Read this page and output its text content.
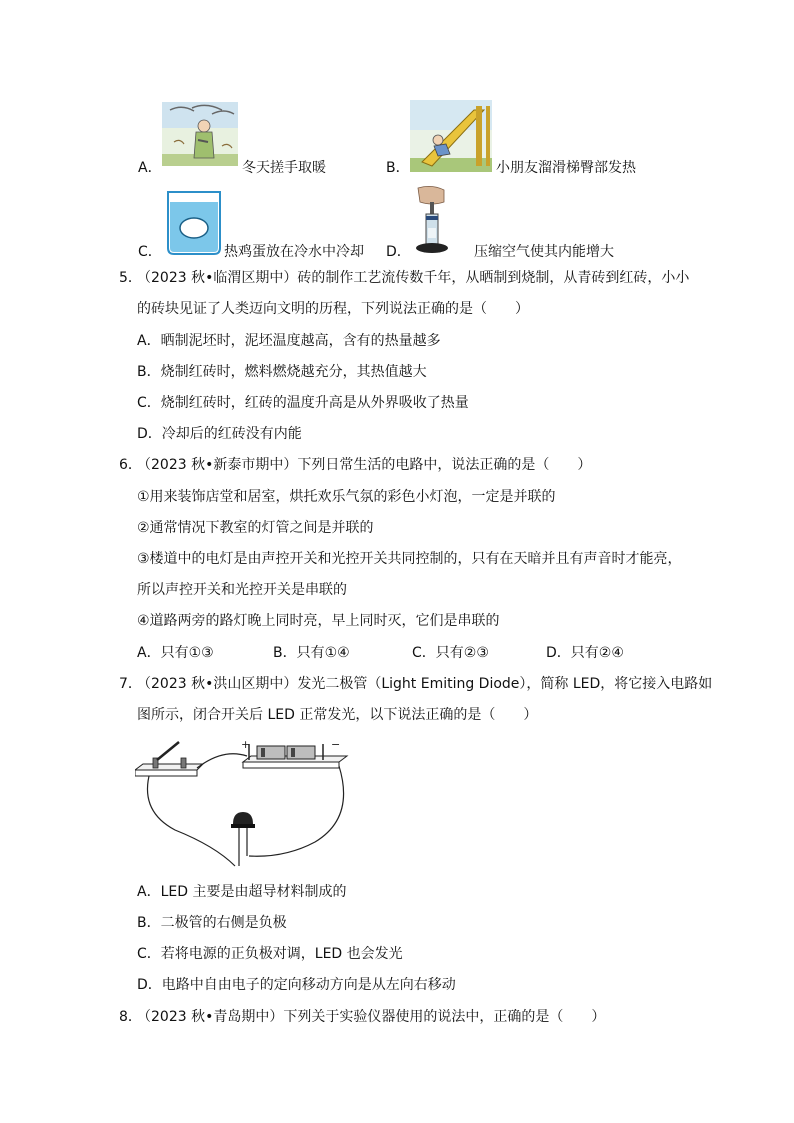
A．	冬天搓手取暖	B．	小朋友溜滑梯臀部发热
C．	热鸡蛋放在冷水中冷却 D．	压缩空气使其内能增大
5．
（2023 秋•临渭区期中）砖的制作工艺流传数千年，从晒制到烧制，从青砖到红砖，小小
的砖块见证了人类迈向文明的历程，下列说法正确的是（　　）
A．晒制泥坯时，泥坯温度越高，含有的热量越多
B．烧制红砖时，燃料燃烧越充分，其热值越大
C．烧制红砖时，红砖的温度升高是从外界吸收了热量
D．冷却后的红砖没有内能
6．
（2023 秋•新泰市期中）下列日常生活的电路中，说法正确的是（　　）
①用来装饰店堂和居室，烘托欢乐气氛的彩色小灯泡，一定是并联的
②通常情况下教室的灯管之间是并联的
③楼道中的电灯是由声控开关和光控开关共同控制的，只有在天暗并且有声音时才能亮，
所以声控开关和光控开关是串联的
④道路两旁的路灯晚上同时亮，早上同时灭，它们是串联的
A．只有①③	B．只有①④	C．只有②③	D．只有②④
7．
（2023 秋•洪山区期中）发光二极管（Light Emiting Diode），简称 LED，将它接入电路如
图所示，闭合开关后 LED 正常发光，以下说法正确的是（　　）
+	−
A．LED 主要是由超导材料制成的
B．二极管的右侧是负极
C．若将电源的正负极对调，LED 也会发光
D．电路中自由电子的定向移动方向是从左向右移动
8．
（2023 秋•青岛期中）下列关于实验仪器使用的说法中，正确的是（　　）
